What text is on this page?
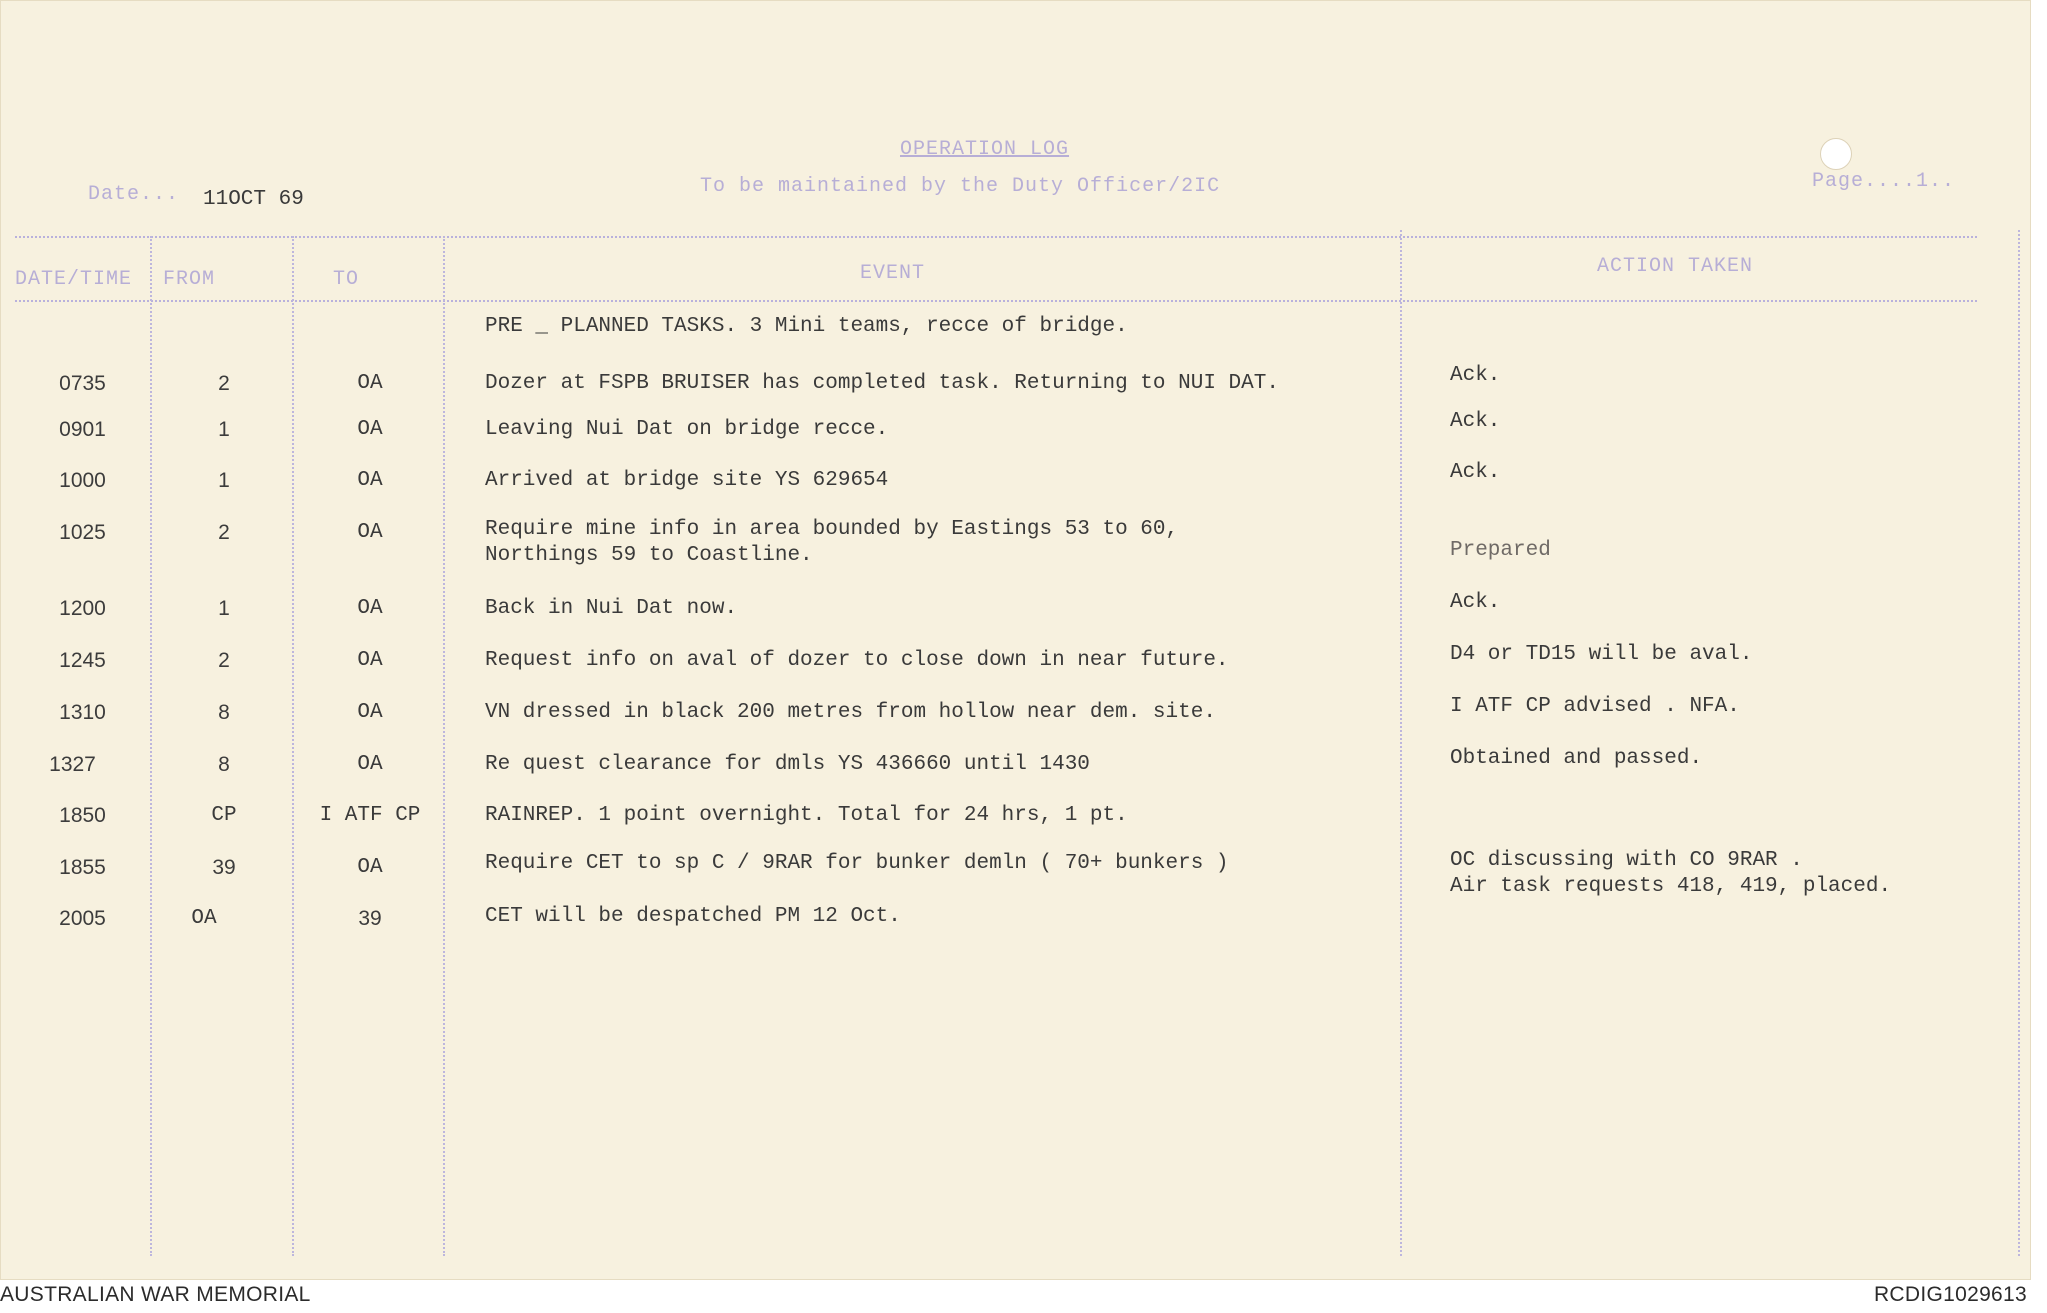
Date... 11OCT 69
OPERATION LOG
To be maintained by the Duty Officer/2IC	Page....1..
DATE/TIME FROM	TO	EVENT	ACTION TAKEN
PRE _ PLANNED TASKS. 3 Mini teams, recce of bridge.
0735	2	OA	Dozer at FSPB BRUISER has completed task. Returning to NUI DAT.	Ack.
0901	1	OA	Leaving Nui Dat on bridge recce.	Ack.
1000	1	OA	Arrived at bridge site YS 629654	Ack.
1025	2	OA	Require mine info in area bounded by Eastings 53 to 60,
Northings 59 to Coastline.	Prepared
1200	1	OA	Back in Nui Dat now.	Ack.
1245	2	OA	Request info on aval of dozer to close down in near future.	D4 or TD15 will be aval.
1310	8	OA	VN dressed in black 200 metres from hollow near dem. site.	I ATF CP advised . NFA.
1327	8	OA	Re quest clearance for dmls YS 436660 until 1430	Obtained and passed.
1850	CP	I ATF CP	RAINREP. 1 point overnight. Total for 24 hrs, 1 pt.
1855	39	OA	Require CET to sp C / 9RAR for bunker demln ( 70+ bunkers )	OC discussing with CO 9RAR .
Air task requests 418, 419, placed.
2005	OA	39	CET will be despatched PM 12 Oct.
AUSTRALIAN WAR MEMORIAL	RCDIG1029613
